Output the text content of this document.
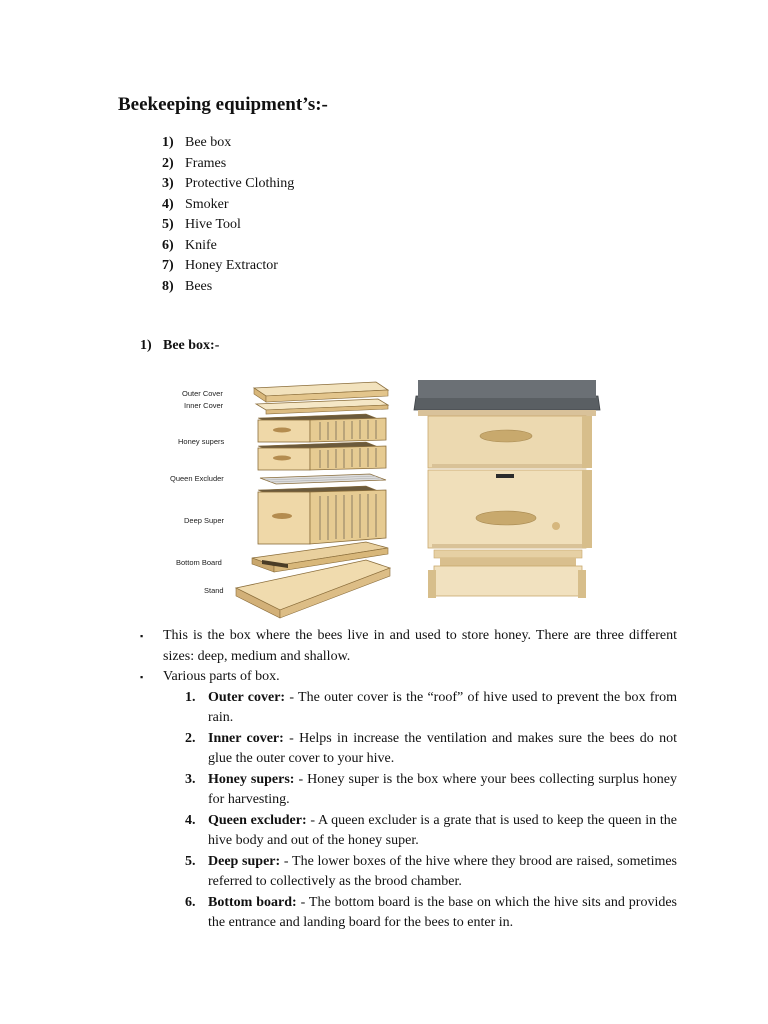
Beekeeping equipment’s:-
1) Bee box
2) Frames
3) Protective Clothing
4) Smoker
5) Hive Tool
6) Knife
7) Honey Extractor
8) Bees
1) Bee box:-
Outer Cover
Inner Cover
Honey supers
Queen Excluder
Deep Super
Bottom Board
Stand
▪ This is the box where the bees live in and used to store honey. There are three different sizes: deep, medium and shallow.
▪ Various parts of box.
1. Outer cover: - The outer cover is the “roof” of hive used to prevent the box from rain.
2. Inner cover: - Helps in increase the ventilation and makes sure the bees do not glue the outer cover to your hive.
3. Honey supers: - Honey super is the box where your bees collecting surplus honey for harvesting.
4. Queen excluder: - A queen excluder is a grate that is used to keep the queen in the hive body and out of the honey super.
5. Deep super: - The lower boxes of the hive where they brood are raised, sometimes referred to collectively as the brood chamber.
6. Bottom board: - The bottom board is the base on which the hive sits and provides the entrance and landing board for the bees to enter in.
